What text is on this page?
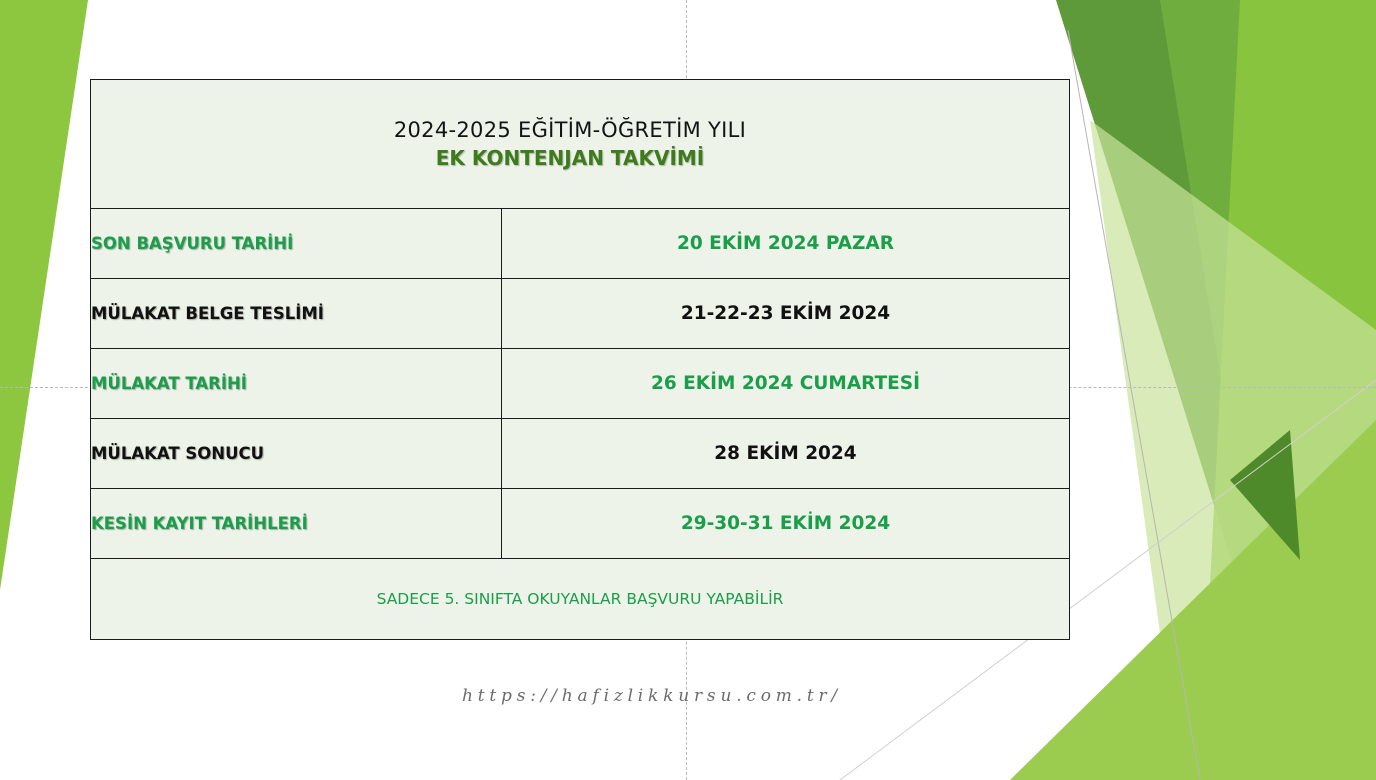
2024-2025 EĞİTİM-ÖĞRETİM YILI
EK KONTENJAN TAKVİMİ	

SON BAŞVURU TARİHİ	20 EKİM 2024 PAZAR
MÜLAKAT BELGE TESLİMİ	21-22-23 EKİM 2024
MÜLAKAT TARİHİ	26 EKİM 2024 CUMARTESİ
MÜLAKAT SONUCU	28 EKİM 2024
KESİN KAYIT TARİHLERİ	29-30-31 EKİM 2024
SADECE 5. SINIFTA OKUYANLAR BAŞVURU YAPABİLİR	
https://hafizlikkursu.com.tr/
